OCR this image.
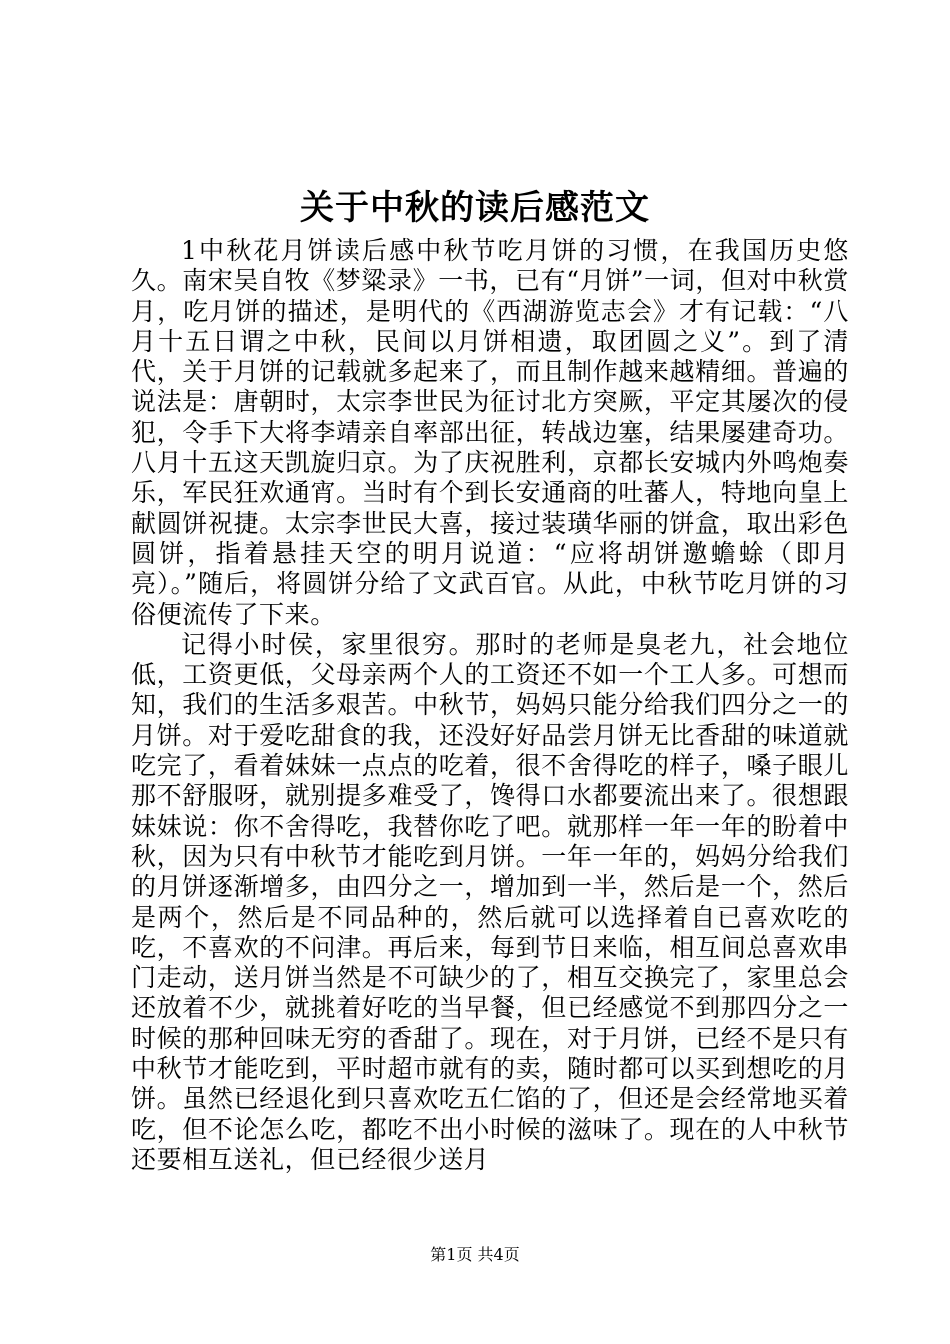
关于中秋的读后感范文

1中秋花月饼读后感中秋节吃月饼的习惯，在我国历史悠久。南宋吴自牧《梦粱录》一书，已有“月饼”一词，但对中秋赏月，吃月饼的描述，是明代的《西湖游览志会》才有记载：“八月十五日谓之中秋，民间以月饼相遗，取团圆之义”。到了清代，关于月饼的记载就多起来了，而且制作越来越精细。普遍的说法是：唐朝时，太宗李世民为征讨北方突厥，平定其屡次的侵犯，令手下大将李靖亲自率部出征，转战边塞，结果屡建奇功。八月十五这天凯旋归京。为了庆祝胜利，京都长安城内外鸣炮奏乐，军民狂欢通宵。当时有个到长安通商的吐蕃人，特地向皇上献圆饼祝捷。太宗李世民大喜，接过装璜华丽的饼盒，取出彩色圆饼，指着悬挂天空的明月说道：“应将胡饼邀蟾蜍（即月亮）。”随后，将圆饼分给了文武百官。从此，中秋节吃月饼的习俗便流传了下来。

记得小时侯，家里很穷。那时的老师是臭老九，社会地位低，工资更低，父母亲两个人的工资还不如一个工人多。可想而知，我们的生活多艰苦。中秋节，妈妈只能分给我们四分之一的月饼。对于爱吃甜食的我，还没好好品尝月饼无比香甜的味道就吃完了，看着妹妹一点点的吃着，很不舍得吃的样子，嗓子眼儿那不舒服呀，就别提多难受了，馋得口水都要流出来了。很想跟妹妹说：你不舍得吃，我替你吃了吧。就那样一年一年的盼着中秋，因为只有中秋节才能吃到月饼。一年一年的，妈妈分给我们的月饼逐渐增多，由四分之一，增加到一半，然后是一个，然后是两个，然后是不同品种的，然后就可以选择着自已喜欢吃的吃，不喜欢的不问津。再后来，每到节日来临，相互间总喜欢串门走动，送月饼当然是不可缺少的了，相互交换完了，家里总会还放着不少，就挑着好吃的当早餐，但已经感觉不到那四分之一时候的那种回味无穷的香甜了。现在，对于月饼，已经不是只有中秋节才能吃到，平时超市就有的卖，随时都可以买到想吃的月饼。虽然已经退化到只喜欢吃五仁馅的了，但还是会经常地买着吃，但不论怎么吃，都吃不出小时候的滋味了。现在的人中秋节还要相互送礼，但已经很少送月

第1页 共4页
